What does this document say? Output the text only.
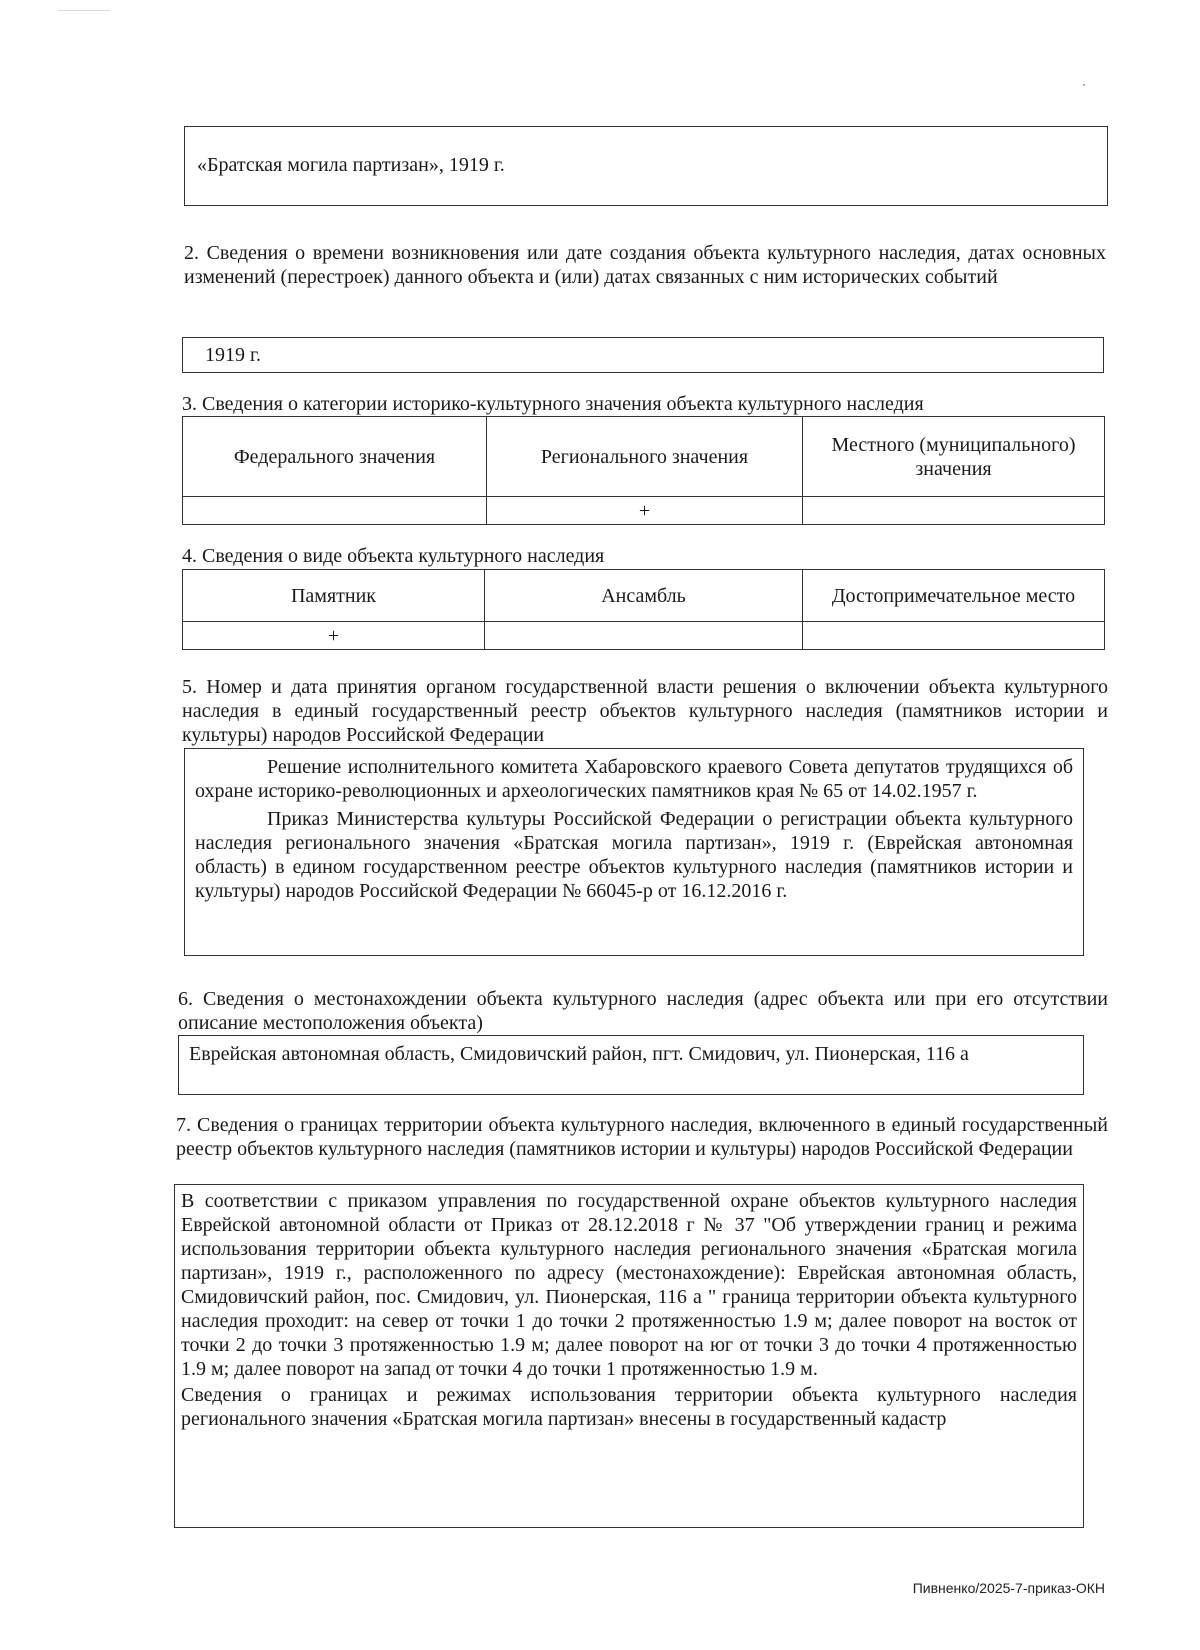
«Братская могила партизан», 1919 г.
2. Сведения о времени возникновения или дате создания объекта культурного наследия, датах основных изменений (перестроек) данного объекта и (или) датах связанных с ним исторических событий
1919 г.
3. Сведения о категории историко-культурного значения объекта культурного наследия
Федерального значения	Регионального значения	Местного (муниципального) значения
	+	
4. Сведения о виде объекта культурного наследия
Памятник	Ансамбль	Достопримечательное место
+		
5. Номер и дата принятия органом государственной власти решения о включении объекта культурного наследия в единый государственный реестр объектов культурного наследия (памятников истории и культуры) народов Российской Федерации
Решение исполнительного комитета Хабаровского краевого Совета депутатов трудящихся об охране историко-революционных и археологических памятников края № 65 от 14.02.1957 г.
Приказ Министерства культуры Российской Федерации о регистрации объекта культурного наследия регионального значения «Братская могила партизан», 1919 г. (Еврейская автономная область) в едином государственном реестре объектов культурного наследия (памятников истории и культуры) народов Российской Федерации № 66045-р от 16.12.2016 г.
6. Сведения о местонахождении объекта культурного наследия (адрес объекта или при его отсутствии описание местоположения объекта)
Еврейская автономная область, Смидовичский район, пгт. Смидович, ул. Пионерская, 116 а
7. Сведения о границах территории объекта культурного наследия, включенного в единый государственный реестр объектов культурного наследия (памятников истории и культуры) народов Российской Федерации
В соответствии с приказом управления по государственной охране объектов культурного наследия Еврейской автономной области от Приказ от 28.12.2018 г № 37 "Об утверждении границ и режима использования территории объекта культурного наследия регионального значения «Братская могила партизан», 1919 г., расположенного по адресу (местонахождение): Еврейская автономная область, Смидовичский район, пос. Смидович, ул. Пионерская, 116 а " граница территории объекта культурного наследия проходит: на север от точки 1 до точки 2 протяженностью 1.9 м; далее поворот на восток от точки 2 до точки 3 протяженностью 1.9 м; далее поворот на юг от точки 3 до точки 4 протяженностью 1.9 м; далее поворот на запад от точки 4 до точки 1 протяженностью 1.9 м.
Сведения о границах и режимах использования территории объекта культурного наследия регионального значения «Братская могила партизан» внесены в государственный кадастр
Пивненко/2025-7-приказ-ОКН
